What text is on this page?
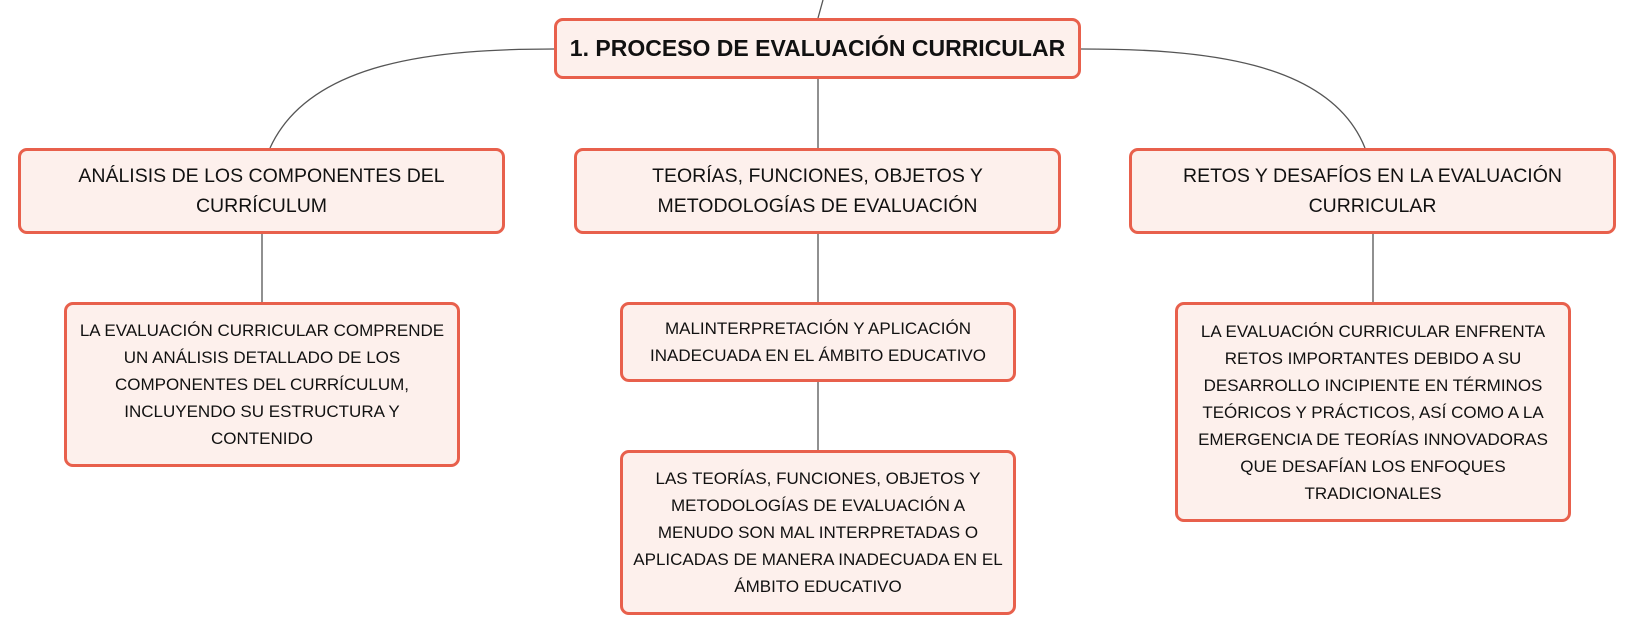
1. PROCESO DE EVALUACIÓN CURRICULAR
ANÁLISIS DE LOS COMPONENTES DEL CURRÍCULUM
TEORÍAS, FUNCIONES, OBJETOS Y METODOLOGÍAS DE EVALUACIÓN
RETOS Y DESAFÍOS EN LA EVALUACIÓN CURRICULAR
LA EVALUACIÓN CURRICULAR COMPRENDE UN ANÁLISIS DETALLADO DE LOS COMPONENTES DEL CURRÍCULUM, INCLUYENDO SU ESTRUCTURA Y CONTENIDO
MALINTERPRETACIÓN Y APLICACIÓN INADECUADA EN EL ÁMBITO EDUCATIVO
LAS TEORÍAS, FUNCIONES, OBJETOS Y METODOLOGÍAS DE EVALUACIÓN A MENUDO SON MAL INTERPRETADAS O APLICADAS DE MANERA INADECUADA EN EL ÁMBITO EDUCATIVO
LA EVALUACIÓN CURRICULAR ENFRENTA RETOS IMPORTANTES DEBIDO A SU DESARROLLO INCIPIENTE EN TÉRMINOS TEÓRICOS Y PRÁCTICOS, ASÍ COMO A LA EMERGENCIA DE TEORÍAS INNOVADORAS QUE DESAFÍAN LOS ENFOQUES TRADICIONALES
